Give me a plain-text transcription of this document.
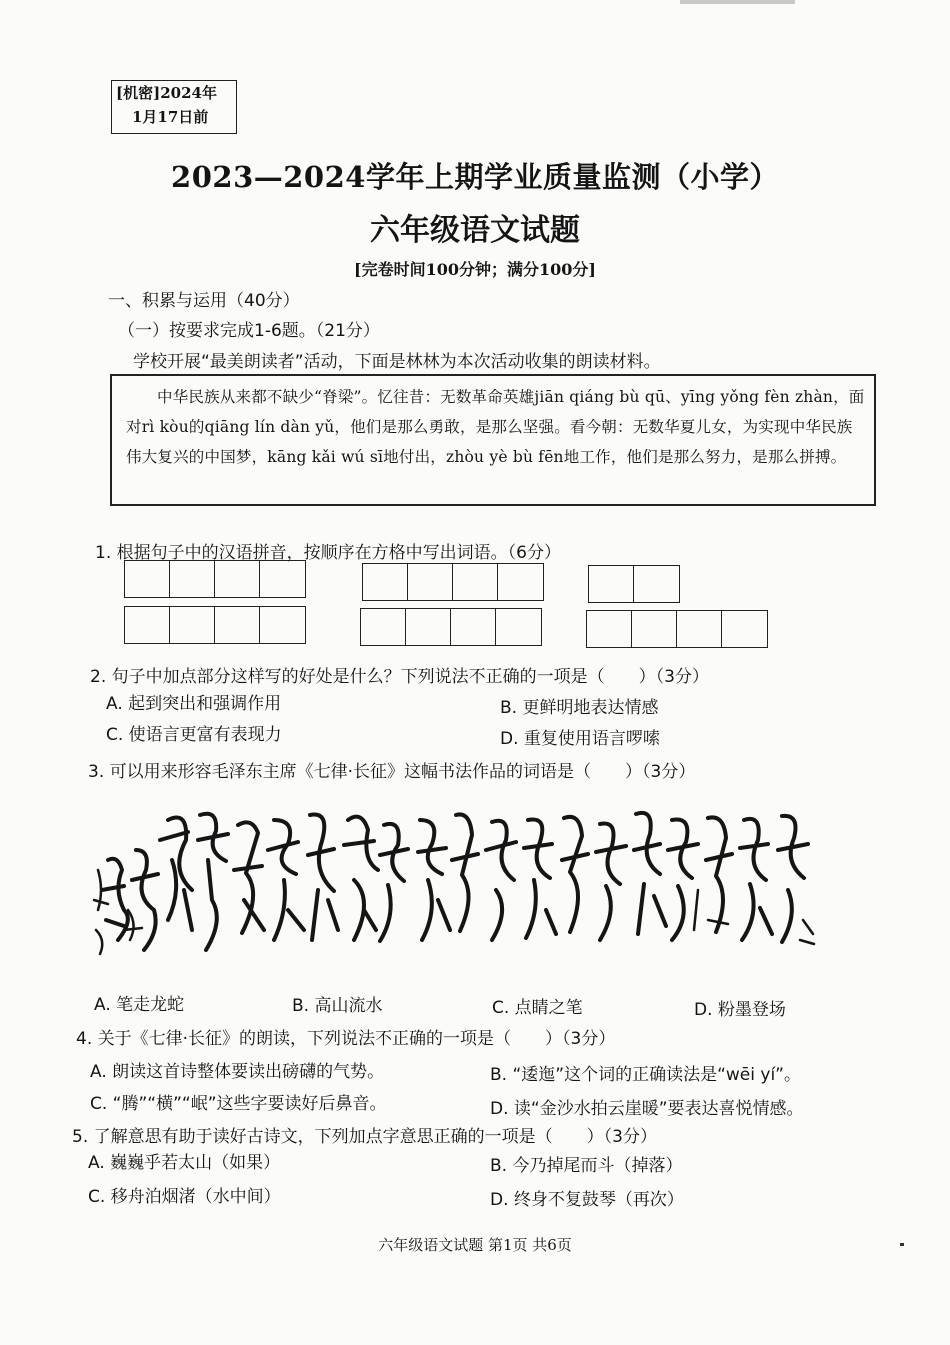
[机密]2024年
1月17日前
2023—2024学年上期学业质量监测（小学）
六年级语文试题
[完卷时间100分钟；满分100分]
一、积累与运用（40分）
（一）按要求完成1-6题。（21分）
学校开展“最美朗读者”活动，下面是林林为本次活动收集的朗读材料。

中华民族从来都不缺少“脊梁”。忆往昔：无数革命英雄jiān qiáng bù qū、yīng yǒng fèn zhàn，面对rì kòu的qiāng lín dàn yǔ，他们是那么勇敢，是那么坚强。看今朝：无数华夏儿女，为实现中华民族伟大复兴的中国梦，kāng kǎi wú sī地付出，zhòu yè bù fēn地工作，他们是那么努力，是那么拼搏。

1. 根据句子中的汉语拼音，按顺序在方格中写出词语。（6分）
2. 句子中加点部分这样写的好处是什么？下列说法不正确的一项是（　　）（3分）
A. 起到突出和强调作用	B. 更鲜明地表达情感
C. 使语言更富有表现力	D. 重复使用语言啰嗦
3. 可以用来形容毛泽东主席《七律·长征》这幅书法作品的词语是（　　）（3分）
A. 笔走龙蛇	B. 高山流水	C. 点睛之笔	D. 粉墨登场
4. 关于《七律·长征》的朗读，下列说法不正确的一项是（　　）（3分）
A. 朗读这首诗整体要读出磅礴的气势。	B. “逶迤”这个词的正确读法是“wēi yí”。
C. “腾”“横”“岷”这些字要读好后鼻音。	D. 读“金沙水拍云崖暖”要表达喜悦情感。
5. 了解意思有助于读好古诗文，下列加点字意思正确的一项是（　　）（3分）
A. 巍巍乎若太山（如果）	B. 今乃掉尾而斗（掉落）
C. 移舟泊烟渚（水中间）	D. 终身不复鼓琴（再次）
六年级语文试题 第1页 共6页
